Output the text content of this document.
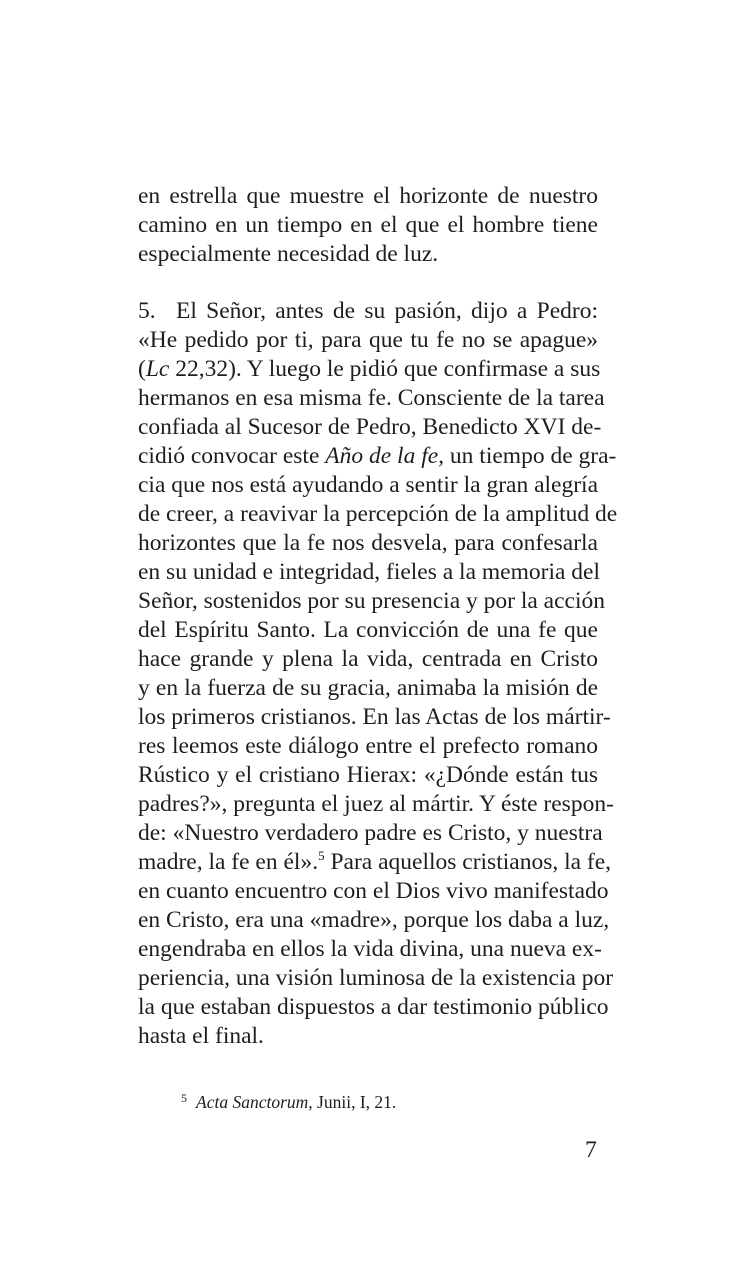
en estrella que muestre el horizonte de nuestro
camino en un tiempo en el que el hombre tiene
especialmente necesidad de luz.
5. El Señor, antes de su pasión, dijo a Pedro:
«He pedido por ti, para que tu fe no se apague»
(Lc 22,32). Y luego le pidió que confirmase a sus
hermanos en esa misma fe. Consciente de la tarea
confiada al Sucesor de Pedro, Benedicto XVI de-
cidió convocar este Año de la fe, un tiempo de gra-
cia que nos está ayudando a sentir la gran alegría
de creer, a reavivar la percepción de la amplitud de
horizontes que la fe nos desvela, para confesarla
en su unidad e integridad, fieles a la memoria del
Señor, sostenidos por su presencia y por la acción
del Espíritu Santo. La convicción de una fe que
hace grande y plena la vida, centrada en Cristo
y en la fuerza de su gracia, animaba la misión de
los primeros cristianos. En las Actas de los mártir-
res leemos este diálogo entre el prefecto romano
Rústico y el cristiano Hierax: «¿Dónde están tus
padres?», pregunta el juez al mártir. Y éste respon-
de: «Nuestro verdadero padre es Cristo, y nuestra
madre, la fe en él».$^5$ Para aquellos cristianos, la fe,
en cuanto encuentro con el Dios vivo manifestado
en Cristo, era una «madre», porque los daba a luz,
engendraba en ellos la vida divina, una nueva ex-
periencia, una visión luminosa de la existencia por
la que estaban dispuestos a dar testimonio público
hasta el final.
$^5$ Acta Sanctorum, Junii, I, 21.
7
